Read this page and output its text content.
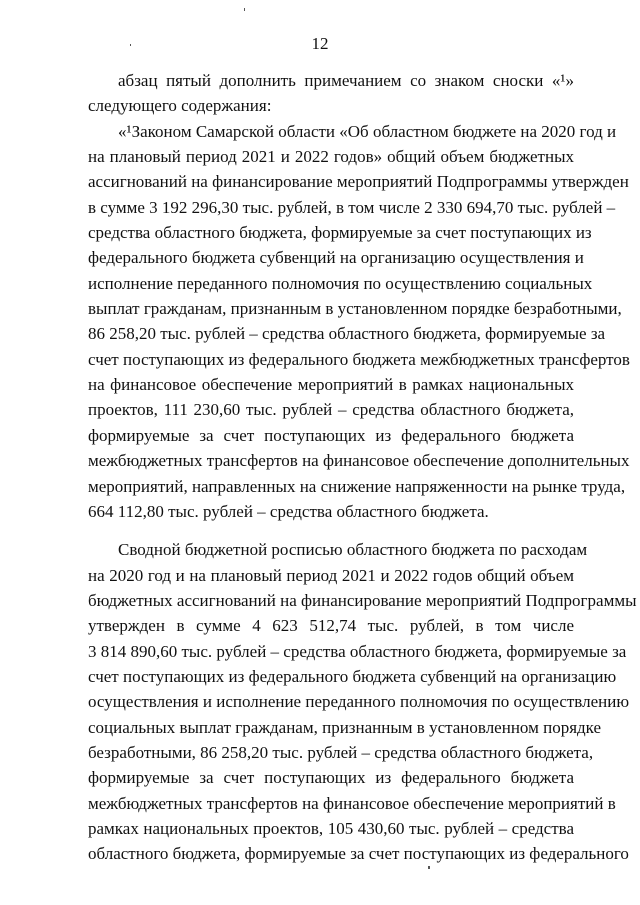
12
абзац пятый дополнить примечанием со знаком сноски «¹»
следующего содержания:
«¹Законом Самарской области «Об областном бюджете на 2020 год и
на плановый период 2021 и 2022 годов» общий объем бюджетных
ассигнований на финансирование мероприятий Подпрограммы утвержден
в сумме 3 192 296,30 тыс. рублей, в том числе 2 330 694,70 тыс. рублей –
средства областного бюджета, формируемые за счет поступающих из
федерального бюджета субвенций на организацию осуществления и
исполнение переданного полномочия по осуществлению социальных
выплат гражданам, признанным в установленном порядке безработными,
86 258,20 тыс. рублей – средства областного бюджета, формируемые за
счет поступающих из федерального бюджета межбюджетных трансфертов
на финансовое обеспечение мероприятий в рамках национальных
проектов, 111 230,60 тыс. рублей – средства областного бюджета,
формируемые за счет поступающих из федерального бюджета
межбюджетных трансфертов на финансовое обеспечение дополнительных
мероприятий, направленных на снижение напряженности на рынке труда,
664 112,80 тыс. рублей – средства областного бюджета.
Сводной бюджетной росписью областного бюджета по расходам
на 2020 год и на плановый период 2021 и 2022 годов общий объем
бюджетных ассигнований на финансирование мероприятий Подпрограммы
утвержден в сумме 4 623 512,74 тыс. рублей, в том числе
3 814 890,60 тыс. рублей – средства областного бюджета, формируемые за
счет поступающих из федерального бюджета субвенций на организацию
осуществления и исполнение переданного полномочия по осуществлению
социальных выплат гражданам, признанным в установленном порядке
безработными, 86 258,20 тыс. рублей – средства областного бюджета,
формируемые за счет поступающих из федерального бюджета
межбюджетных трансфертов на финансовое обеспечение мероприятий в
рамках национальных проектов, 105 430,60 тыс. рублей – средства
областного бюджета, формируемые за счет поступающих из федерального
